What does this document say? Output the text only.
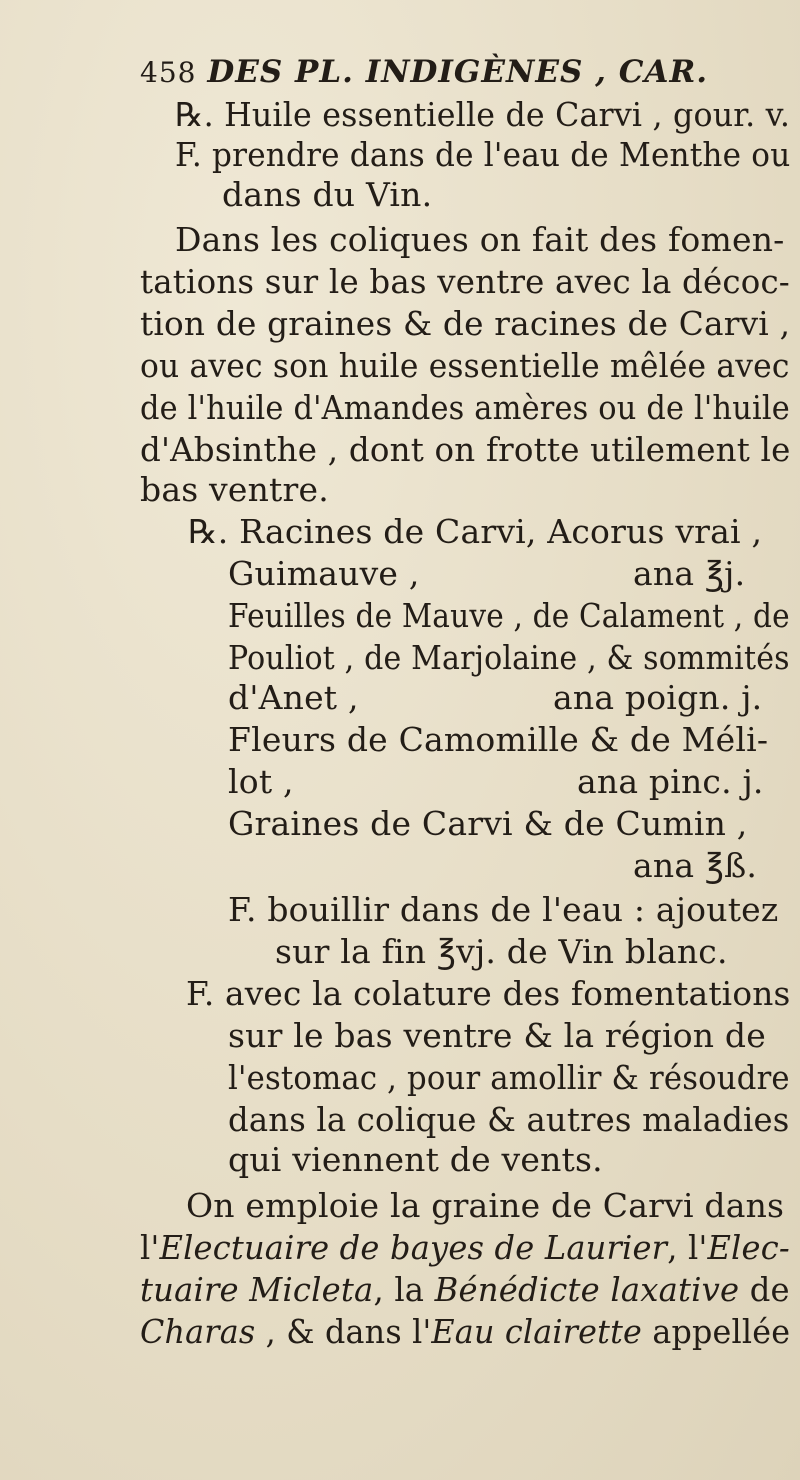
458 DES PL. INDIGÈNES , CAR.
℞. Huile essentielle de Carvi , gour. v.
F. prendre dans de l'eau de Menthe ou
dans du Vin.
Dans les coliques on fait des fomen-
tations sur le bas ventre avec la décoc-
tion de graines & de racines de Carvi ,
ou avec son huile essentielle mêlée avec
de l'huile d'Amandes amères ou de l'huile
d'Absinthe , dont on frotte utilement le
bas ventre.
℞. Racines de Carvi, Acorus vrai ,
Guimauve ,	ana ℥j.
Feuilles de Mauve , de Calament , de
Pouliot , de Marjolaine , & sommités
d'Anet ,	ana poign. j.
Fleurs de Camomille & de Méli-
lot ,	ana pinc. j.
Graines de Carvi & de Cumin ,
ana ℥ß.
F. bouillir dans de l'eau : ajoutez
sur la fin ℥vj. de Vin blanc.
F. avec la colature des fomentations
sur le bas ventre & la région de
l'estomac , pour amollir & résoudre
dans la colique & autres maladies
qui viennent de vents.
On emploie la graine de Carvi dans
l'Electuaire de bayes de Laurier, l'Elec-
tuaire Micleta, la Bénédicte laxative de
Charas , & dans l'Eau clairette appellée
